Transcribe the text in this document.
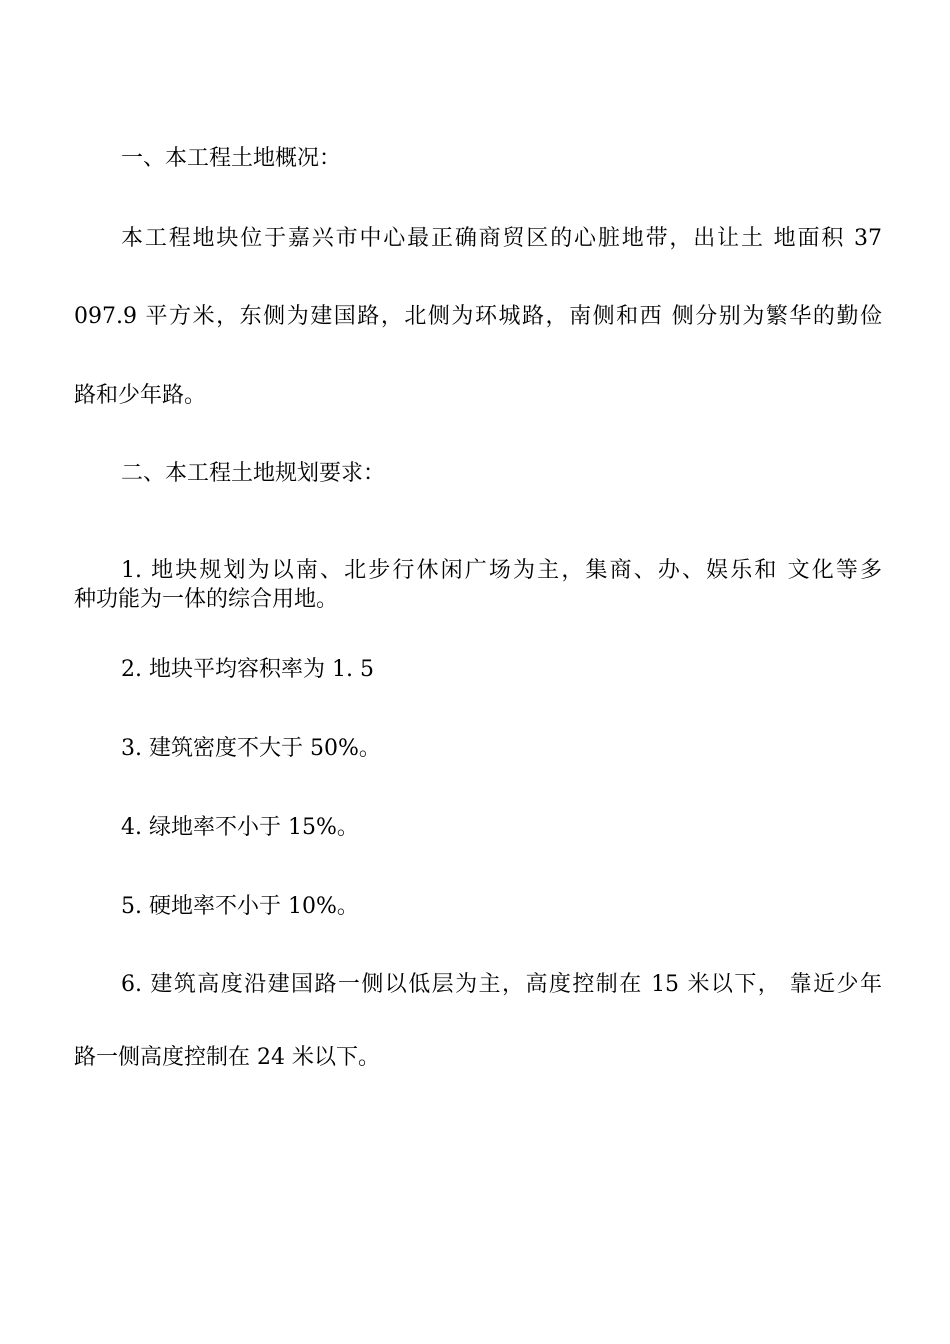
一、本工程土地概况：

本工程地块位于嘉兴市中心最正确商贸区的心脏地带，出让土 地面积 37

097.9 平方米，东侧为建国路，北侧为环城路，南侧和西 侧分别为繁华的勤俭

路和少年路。

二、本工程土地规划要求：

1. 地块规划为以南、北步行休闲广场为主，集商、办、娱乐和 文化等多

种功能为一体的综合用地。

2. 地块平均容积率为 1. 5

3. 建筑密度不大于 50%。

4. 绿地率不小于 15%。

5. 硬地率不小于 10%。

6. 建筑高度沿建国路一侧以低层为主，高度控制在 15 米以下， 靠近少年

路一侧高度控制在 24 米以下。
